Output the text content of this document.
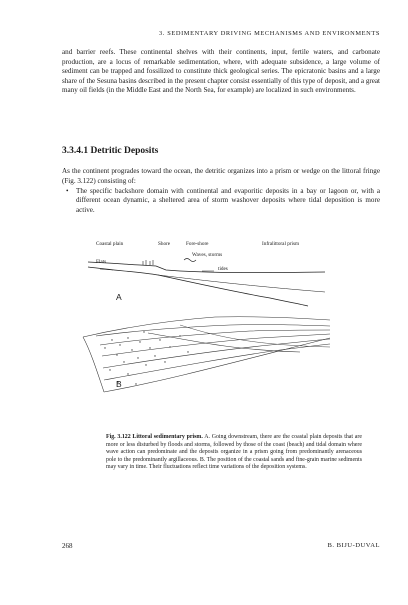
3. SEDIMENTARY DRIVING MECHANISMS AND ENVIRONMENTS
and barrier reefs. These continental shelves with their continents, input, fertile waters, and carbonate production, are a locus of remarkable sedimentation, where, with adequate subsidence, a large volume of sediment can be trapped and fossilized to constitute thick geological series. The epicratonic basins and a large share of the Sesuna basins described in the present chapter consist essentially of this type of deposit, and a great many oil fields (in the Middle East and the North Sea, for example) are localized in such environments.
3.3.4.1 Detritic Deposits
As the continent progrades toward the ocean, the detritic organizes into a prism or wedge on the littoral fringe (Fig. 3.122) consisting of:
• The specific backshore domain with continental and evaporitic deposits in a bay or lagoon or, with a different ocean dynamic, a sheltered area of storm washover deposits where tidal deposition is more active.
Coastal plain	Shore	Fore-shore	Infralittoral prism
Waves, storms
Flats
tides
A
B
Fig. 3.122 Littoral sedimentary prism. A. Going downstream, there are the coastal plain deposits that are more or less disturbed by floods and storms, followed by those of the coast (beach) and tidal domain where wave action can predominate and the deposits organize in a prism going from predominantly arenaceous pole to the predominantly argillaceous. B. The position of the coastal sands and fine-grain marine sediments may vary in time. Their fluctuations reflect time variations of the deposition systems.
268	B. BIJU-DUVAL
